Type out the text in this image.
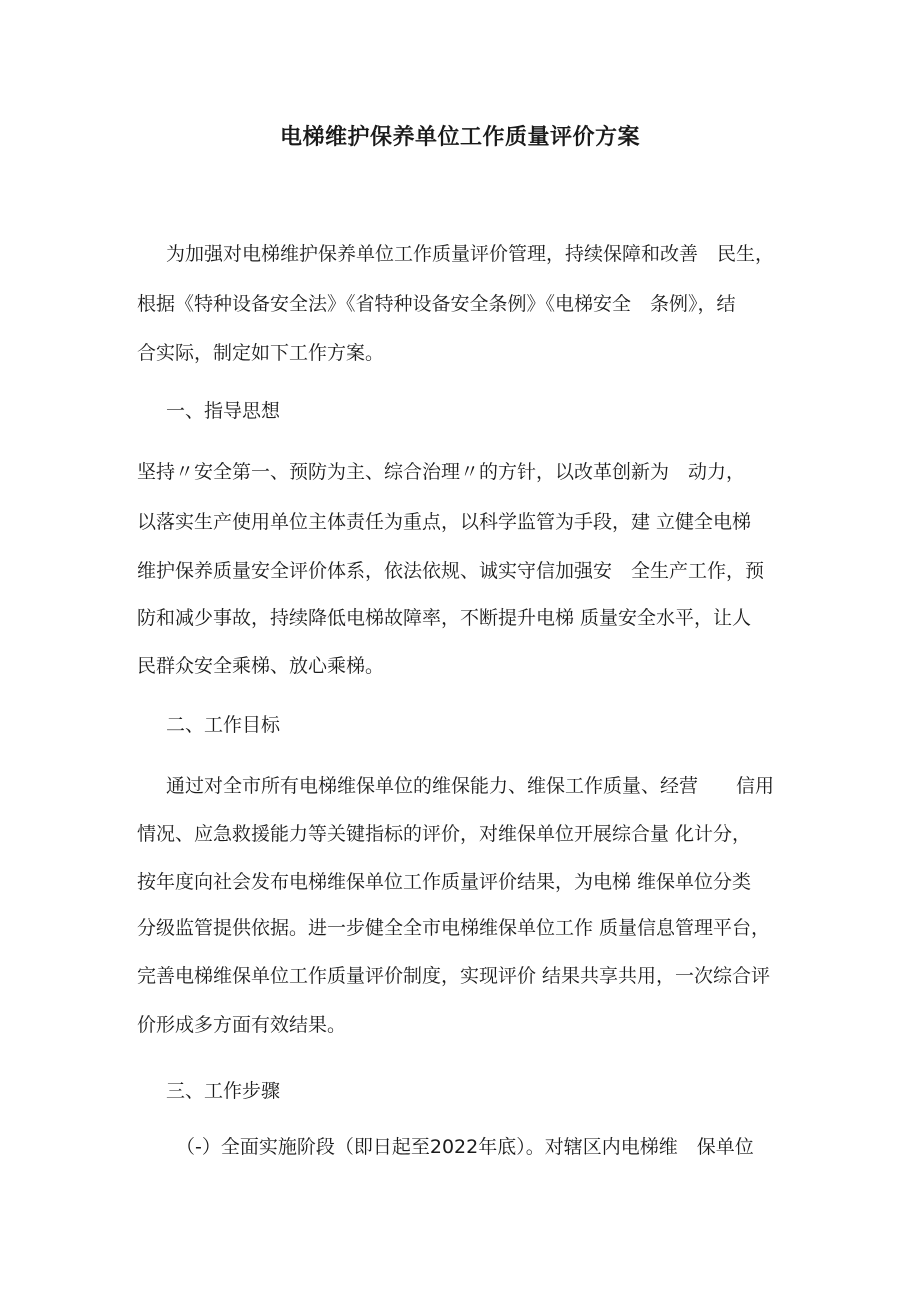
电梯维护保养单位工作质量评价方案

为加强对电梯维护保养单位工作质量评价管理，持续保障和改善　民生，

根据《特种设备安全法》《省特种设备安全条例》《电梯安全　条例》，结

合实际，制定如下工作方案。

一、指导思想

坚持〃安全第一、预防为主、综合治理〃的方针，以改革创新为　动力，

以落实生产使用单位主体责任为重点，以科学监管为手段，建 立健全电梯

维护保养质量安全评价体系，依法依规、诚实守信加强安　全生产工作，预

防和减少事故，持续降低电梯故障率，不断提升电梯 质量安全水平，让人

民群众安全乘梯、放心乘梯。

二、工作目标

通过对全市所有电梯维保单位的维保能力、维保工作质量、经营　　信用

情况、应急救援能力等关键指标的评价，对维保单位开展综合量 化计分，

按年度向社会发布电梯维保单位工作质量评价结果，为电梯 维保单位分类

分级监管提供依据。进一步健全全市电梯维保单位工作 质量信息管理平台，

完善电梯维保单位工作质量评价制度，实现评价 结果共享共用，一次综合评

价形成多方面有效结果。

三、工作步骤

（-）全面实施阶段（即日起至2022年底）。对辖区内电梯维　保单位
